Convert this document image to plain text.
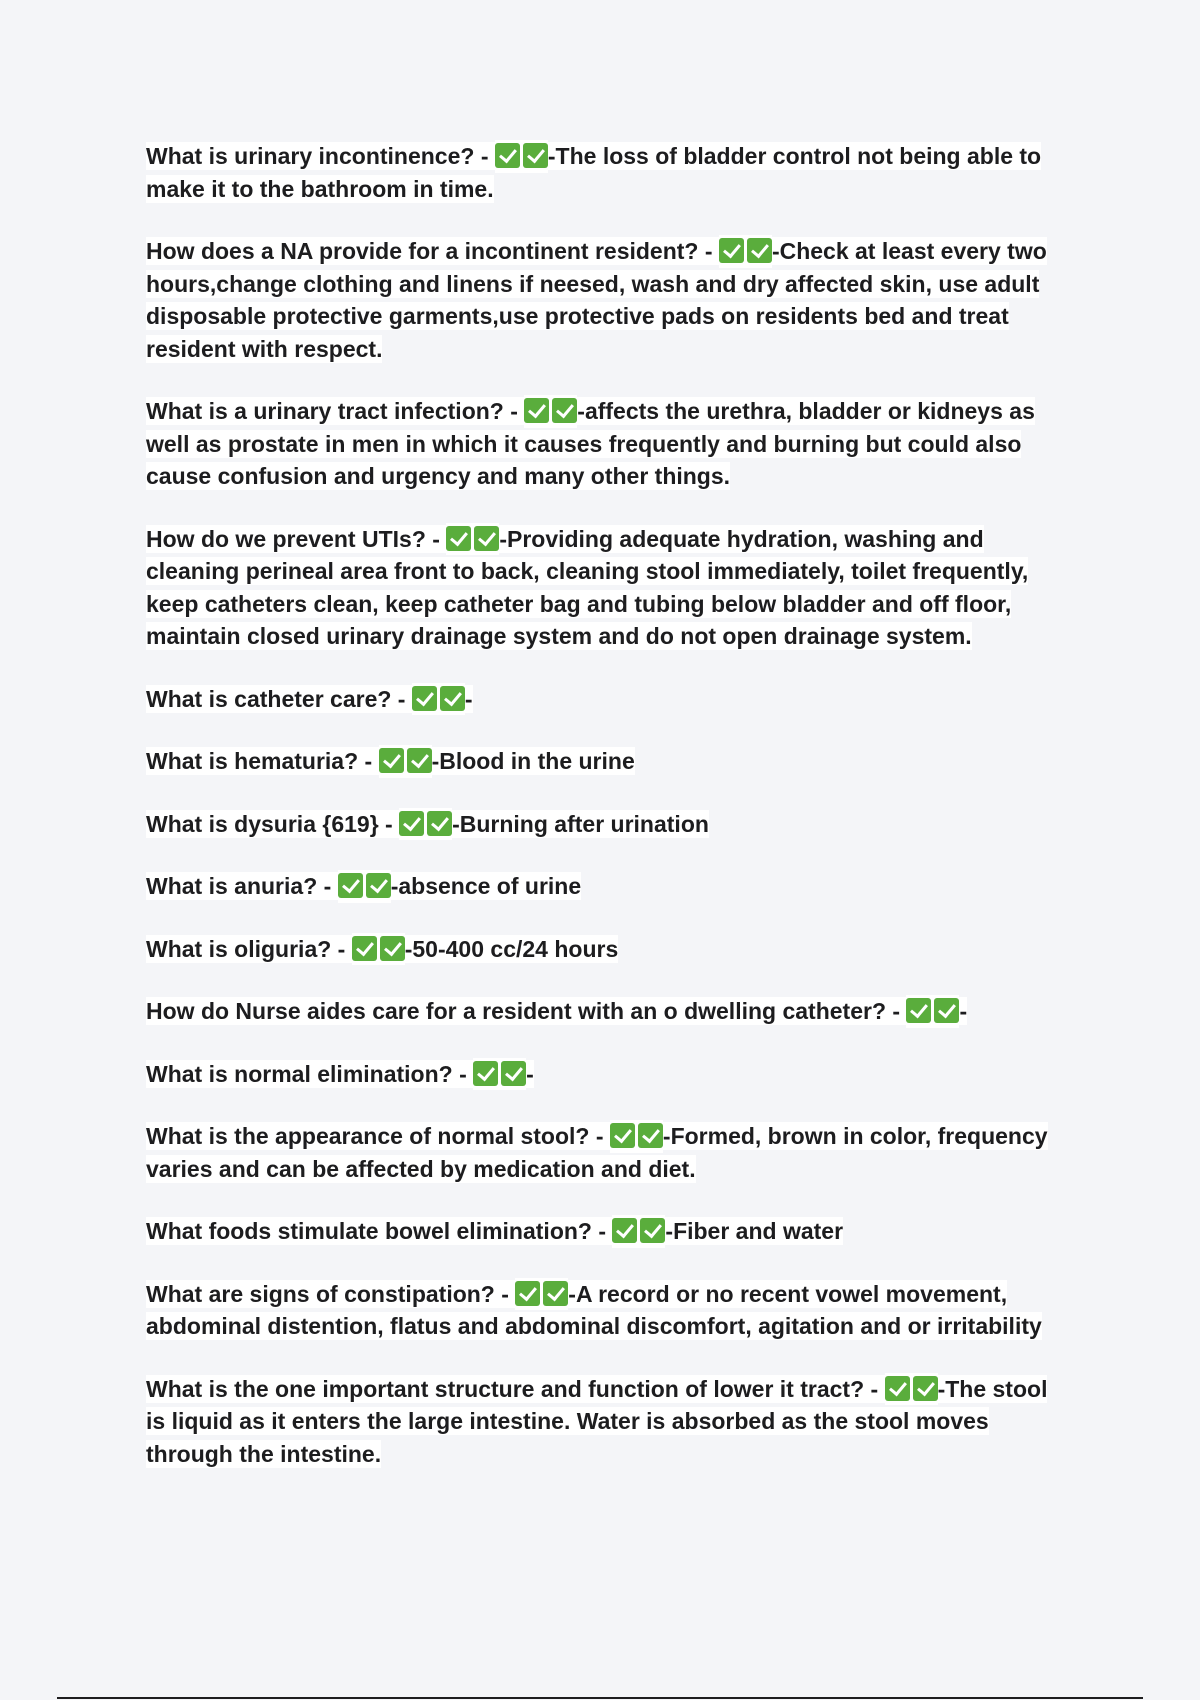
What is urinary incontinence? - -The loss of bladder control not being able to make it to the bathroom in time.

How does a NA provide for a incontinent resident? - -Check at least every two hours,change clothing and linens if neesed, wash and dry affected skin, use adult disposable protective garments,use protective pads on residents bed and treat resident with respect.

What is a urinary tract infection? - -affects the urethra, bladder or kidneys as well as prostate in men in which it causes frequently and burning but could also cause confusion and urgency and many other things.

How do we prevent UTIs? - -Providing adequate hydration, washing and cleaning perineal area front to back, cleaning stool immediately, toilet frequently, keep catheters clean, keep catheter bag and tubing below bladder and off floor, maintain closed urinary drainage system and do not open drainage system.

What is catheter care? - -

What is hematuria? - -Blood in the urine

What is dysuria {619} - -Burning after urination

What is anuria? - -absence of urine

What is oliguria? - -50-400 cc/24 hours

How do Nurse aides care for a resident with an o dwelling catheter? - -

What is normal elimination? - -

What is the appearance of normal stool? - -Formed, brown in color, frequency varies and can be affected by medication and diet.

What foods stimulate bowel elimination? - -Fiber and water

What are signs of constipation? - -A record or no recent vowel movement, abdominal distention, flatus and abdominal discomfort, agitation and or irritability

What is the one important structure and function of lower it tract? - -The stool is liquid as it enters the large intestine. Water is absorbed as the stool moves through the intestine.
